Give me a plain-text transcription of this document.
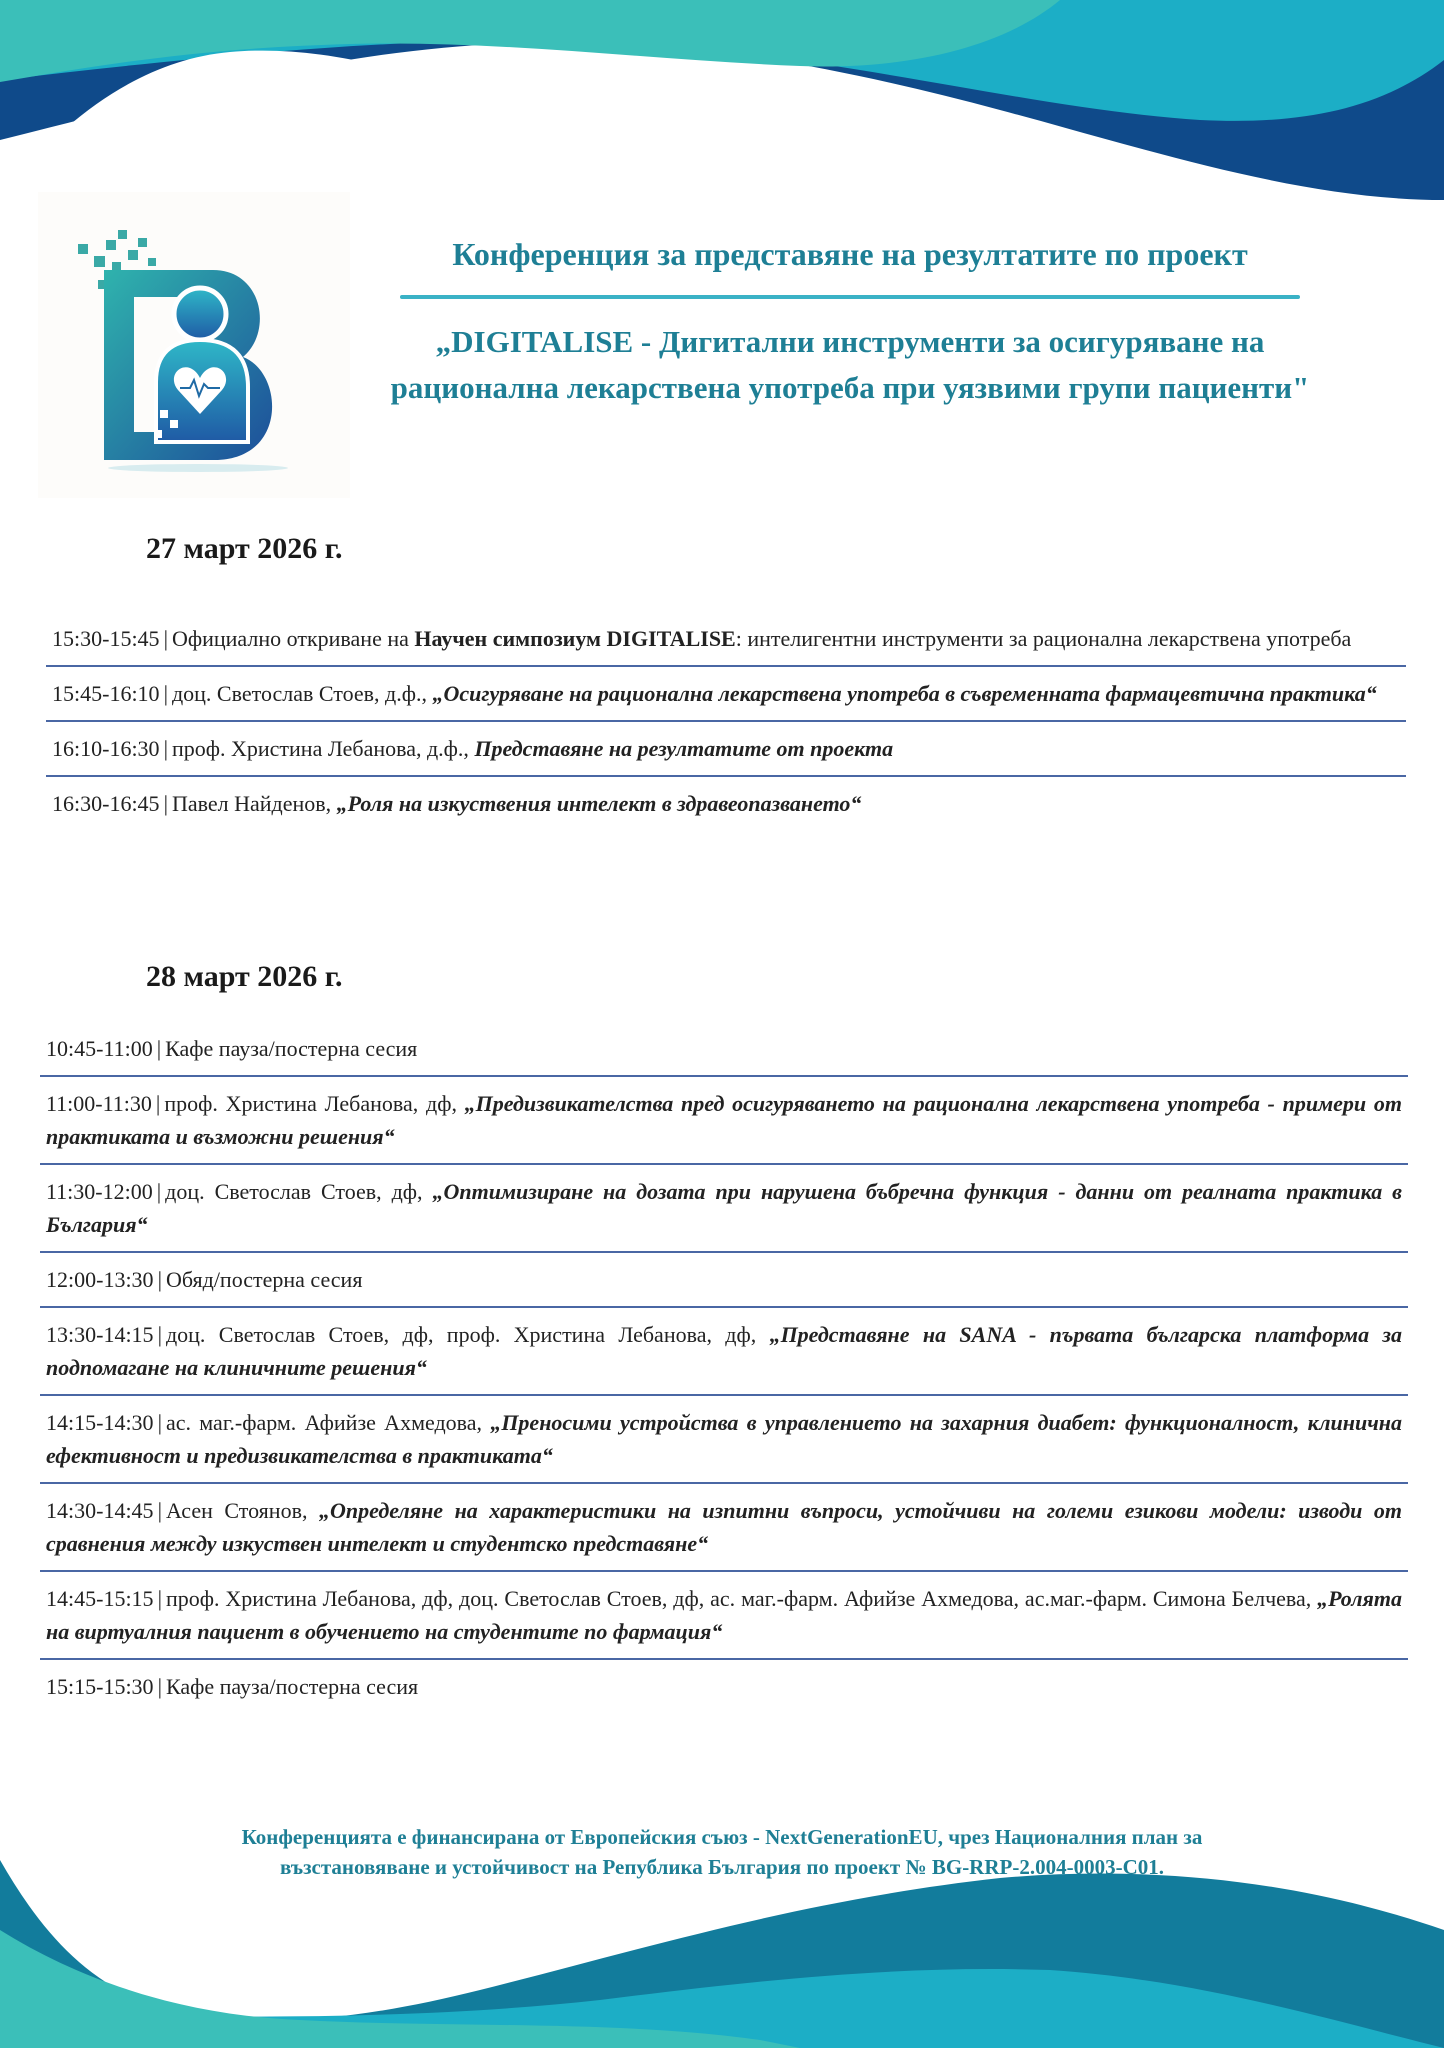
Конференция за представяне на резултатите по проект

„DIGITALISE - Дигитални инструменти за осигуряване на рационална лекарствена употреба при уязвими групи пациенти"

27 март 2026 г.
15:30-15:45 | Официално откриване на Научен симпозиум DIGITALISE: интелигентни инструменти за рационална лекарствена употреба
15:45-16:10 | доц. Светослав Стоев, д.ф., „Осигуряване на рационална лекарствена употреба в съвременната фармацевтична практика“
16:10-16:30 | проф. Христина Лебанова, д.ф., Представяне на резултатите от проекта
16:30-16:45 | Павел Найденов, „Роля на изкуствения интелект в здравеопазването“
28 март 2026 г.
10:45-11:00 | Кафе пауза/постерна сесия
11:00-11:30 | проф. Христина Лебанова, дф, „Предизвикателства пред осигуряването на рационална лекарствена употреба - примери от практиката и възможни решения“
11:30-12:00 | доц. Светослав Стоев, дф, „Оптимизиране на дозата при нарушена бъбречна функция - данни от реалната практика в България“
12:00-13:30 | Обяд/постерна сесия
13:30-14:15 | доц. Светослав Стоев, дф, проф. Христина Лебанова, дф, „Представяне на SANA - първата българска платформа за подпомагане на клиничните решения“
14:15-14:30 | ас. маг.-фарм. Афийзе Ахмедова, „Преносими устройства в управлението на захарния диабет: функционалност, клинична ефективност и предизвикателства в практиката“
14:30-14:45 | Асен Стоянов, „Определяне на характеристики на изпитни въпроси, устойчиви на големи езикови модели: изводи от сравнения между изкуствен интелект и студентско представяне“
14:45-15:15 | проф. Христина Лебанова, дф, доц. Светослав Стоев, дф, ас. маг.-фарм. Афийзе Ахмедова, ас.маг.-фарм. Симона Белчева, „Ролята на виртуалния пациент в обучението на студентите по фармация“
15:15-15:30 | Кафе пауза/постерна сесия
Конференцията е финансирана от Европейския съюз - NextGenerationEU, чрез Националния план за
възстановяване и устойчивост на Република България по проект № BG-RRP-2.004-0003-C01.
